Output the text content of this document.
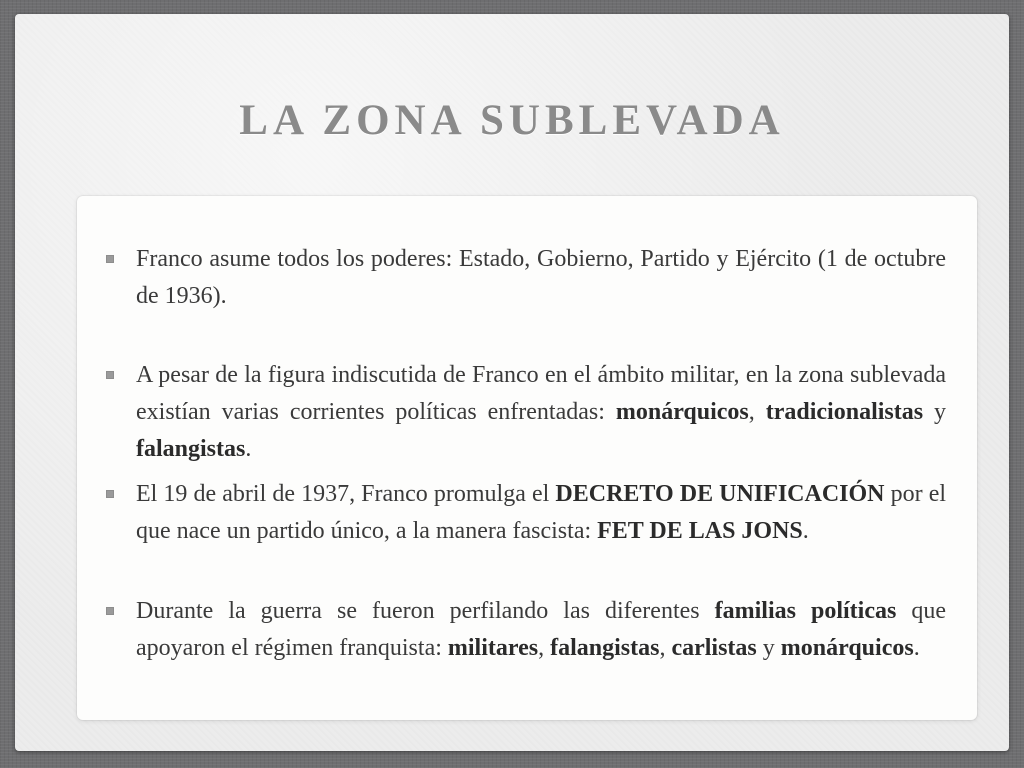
LA ZONA SUBLEVADA
Franco asume todos los poderes: Estado, Gobierno, Partido y Ejército (1 de octubre de 1936).
A pesar de la figura indiscutida de Franco en el ámbito militar, en la zona sublevada existían varias corrientes políticas enfrentadas: monárquicos, tradicionalistas y falangistas.
El 19 de abril de 1937, Franco promulga el DECRETO DE UNIFICACIÓN por el que nace un partido único, a la manera fascista: FET DE LAS JONS.
Durante la guerra se fueron perfilando las diferentes familias políticas que apoyaron el régimen franquista: militares, falangistas, carlistas y monárquicos.
